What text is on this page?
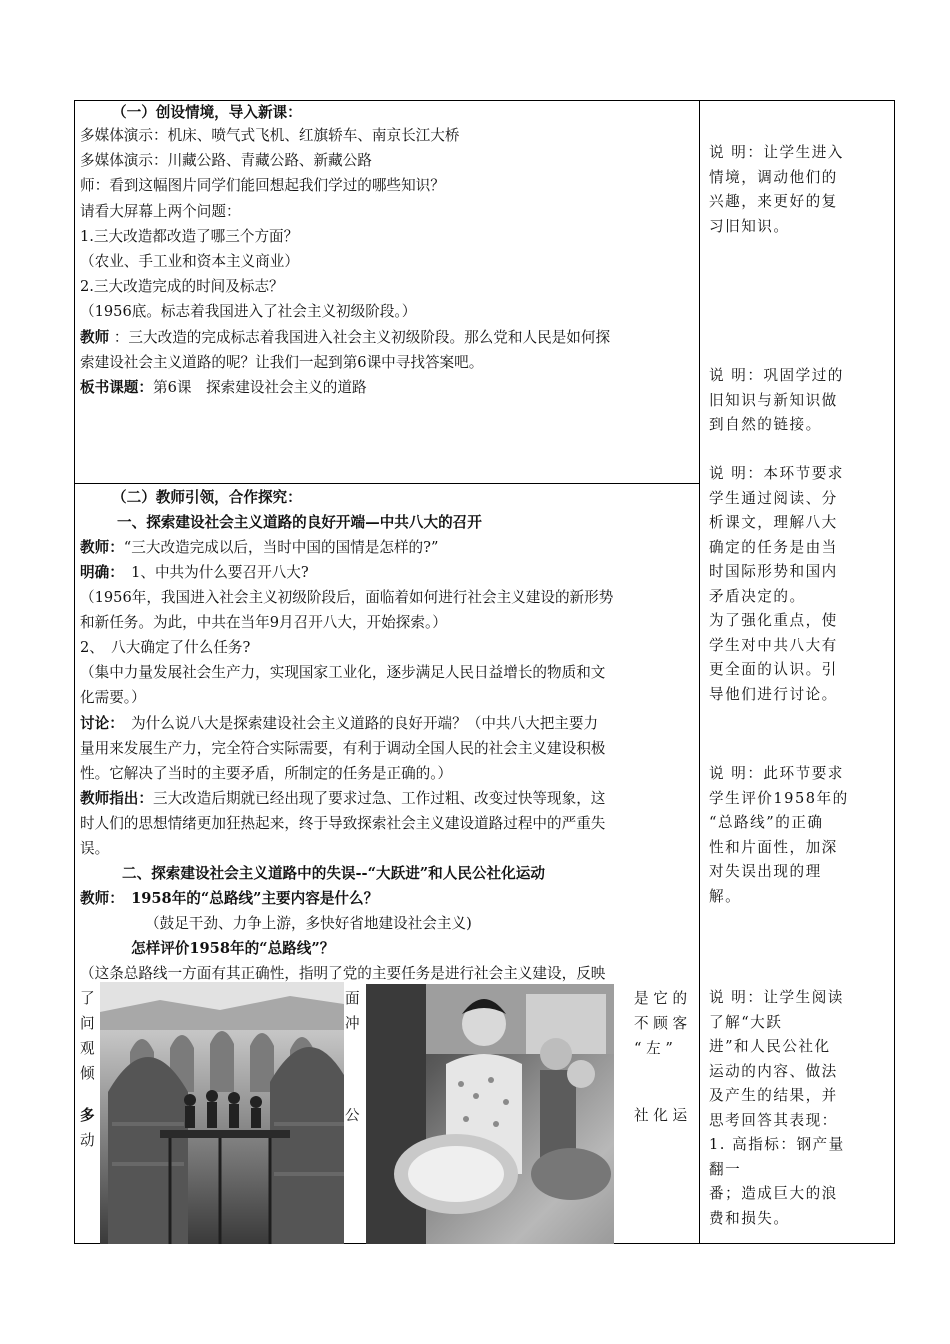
（一）创设情境，导入新课：
多媒体演示：机床、喷气式飞机、红旗轿车、南京长江大桥
多媒体演示：川藏公路、青藏公路、新藏公路
师：看到这幅图片同学们能回想起我们学过的哪些知识？
请看大屏幕上两个问题：
1.三大改造都改造了哪三个方面？
（农业、手工业和资本主义商业）
2.三大改造完成的时间及标志？
（1956底。标志着我国进入了社会主义初级阶段。）
教师 ：三大改造的完成标志着我国进入社会主义初级阶段。那么党和人民是如何探
索建设社会主义道路的呢？让我们一起到第6课中寻找答案吧。
板书课题：第6课　探索建设社会主义的道路
（二）教师引领，合作探究：
一、探索建设社会主义道路的良好开端—中共八大的召开
教师：“三大改造完成以后，当时中国的国情是怎样的?”
明确：　1、中共为什么要召开八大?
（1956年，我国进入社会主义初级阶段后，面临着如何进行社会主义建设的新形势
和新任务。为此，中共在当年9月召开八大，开始探索。）
2、　八大确定了什么任务?
（集中力量发展社会生产力，实现国家工业化，逐步满足人民日益增长的物质和文
化需要。）
讨论：　为什么说八大是探索建设社会主义道路的良好开端？（中共八大把主要力
量用来发展生产力，完全符合实际需要，有利于调动全国人民的社会主义建设积极
性。它解决了当时的主要矛盾，所制定的任务是正确的。）
教师指出：三大改造后期就已经出现了要求过急、工作过粗、改变过快等现象，这
时人们的思想情绪更加狂热起来，终于导致探索社会主义建设道路过程中的严重失
误。
二、探索建设社会主义道路中的失误--“大跃进”和人民公社化运动
教师：　1958年的“总路线”主要内容是什么？
（鼓足干劲、力争上游，多快好省地建设社会主义)
怎样评价1958年的“总路线”？
（这条总路线一方面有其正确性，指明了党的主要任务是进行社会主义建设，反映
了
问
观
倾
多
动
面
冲
公
是 它 的
不 顾 客
“ 左 ”
社 化 运
说 明：让学生进入
情境，调动他们的
兴趣，来更好的复
习旧知识。
说 明：巩固学过的
旧知识与新知识做
到自然的链接。
说 明：本环节要求
学生通过阅读、分
析课文，理解八大
确定的任务是由当
时国际形势和国内
矛盾决定的。
为了强化重点，使
学生对中共八大有
更全面的认识。引
导他们进行讨论。
说 明：此环节要求
学生评价1958年的
“总路线”的正确
性和片面性，加深
对失误出现的理
解。
说 明：让学生阅读
了解“大跃
进”和人民公社化
运动的内容、做法
及产生的结果，并
思考回答其表现：
1. 高指标：钢产量
翻一
番；造成巨大的浪
费和损失。
